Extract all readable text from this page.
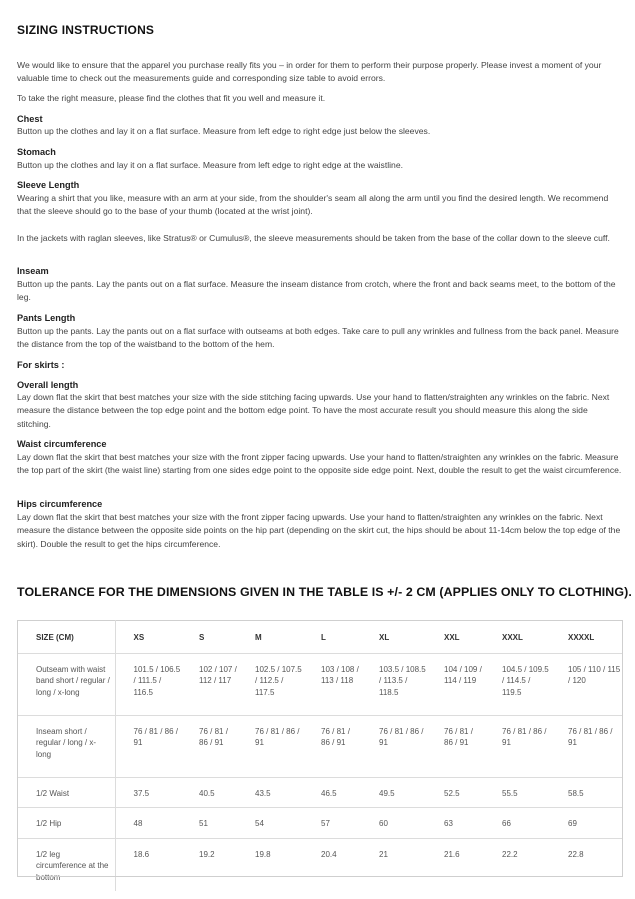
SIZING INSTRUCTIONS

We would like to ensure that the apparel you purchase really fits you – in order for them to perform their purpose properly. Please invest a moment of your valuable time to check out the measurements guide and corresponding size table to avoid errors.

To take the right measure, please find the clothes that fit you well and measure it.

Chest

Button up the clothes and lay it on a flat surface. Measure from left edge to right edge just below the sleeves.

Stomach

Button up the clothes and lay it on a flat surface. Measure from left edge to right edge at the waistline.

Sleeve Length

Wearing a shirt that you like, measure with an arm at your side, from the shoulder's seam all along the arm until you find the desired length. We recommend that the sleeve should go to the base of your thumb (located at the wrist joint).

In the jackets with raglan sleeves, like Stratus® or Cumulus®, the sleeve measurements should be taken from the base of the collar down to the sleeve cuff.

Inseam

Button up the pants. Lay the pants out on a flat surface. Measure the inseam distance from crotch, where the front and back seams meet, to the bottom of the leg.

Pants Length

Button up the pants. Lay the pants out on a flat surface with outseams at both edges. Take care to pull any wrinkles and fullness from the back panel. Measure the distance from the top of the waistband to the bottom of the hem.

For skirts :
Overall length

Lay down flat the skirt that best matches your size with the side stitching facing upwards. Use your hand to flatten/straighten any wrinkles on the fabric. Next measure the distance between the top edge point and the bottom edge point. To have the most accurate result you should measure this along the side stitching.

Waist circumference

Lay down flat the skirt that best matches your size with the front zipper facing upwards. Use your hand to flatten/straighten any wrinkles on the fabric. Measure the top part of the skirt (the waist line) starting from one sides edge point to the opposite side edge point. Next, double the result to get the waist circumference.

Hips circumference

Lay down flat the skirt that best matches your size with the front zipper facing upwards. Use your hand to flatten/straighten any wrinkles on the fabric. Next measure the distance between the opposite side points on the hip part (depending on the skirt cut, the hips should be about 11-14cm below the top edge of the skirt). Double the result to get the hips circumference.

TOLERANCE FOR THE DIMENSIONS GIVEN IN THE TABLE IS +/- 2 CM (APPLIES ONLY TO CLOTHING).
SIZE (CM)	XS	S	M	L	XL	XXL	XXXL	XXXXL
Outseam with waist band short / regular / long / x-long	101.5 / 106.5 / 111.5 / 116.5	102 / 107 / 112 / 117	102.5 / 107.5 / 112.5 / 117.5	103 / 108 / 113 / 118	103.5 / 108.5 / 113.5 / 118.5	104 / 109 / 114 / 119	104.5 / 109.5 / 114.5 / 119.5	105 / 110 / 115 / 120
Inseam short / regular / long / x-long	76 / 81 / 86 / 91	76 / 81 / 86 / 91	76 / 81 / 86 / 91	76 / 81 / 86 / 91	76 / 81 / 86 / 91	76 / 81 / 86 / 91	76 / 81 / 86 / 91	76 / 81 / 86 / 91
1/2 Waist	37.5	40.5	43.5	46.5	49.5	52.5	55.5	58.5
1/2 Hip	48	51	54	57	60	63	66	69
1/2 leg circumference at the bottom	18.6	19.2	19.8	20.4	21	21.6	22.2	22.8
